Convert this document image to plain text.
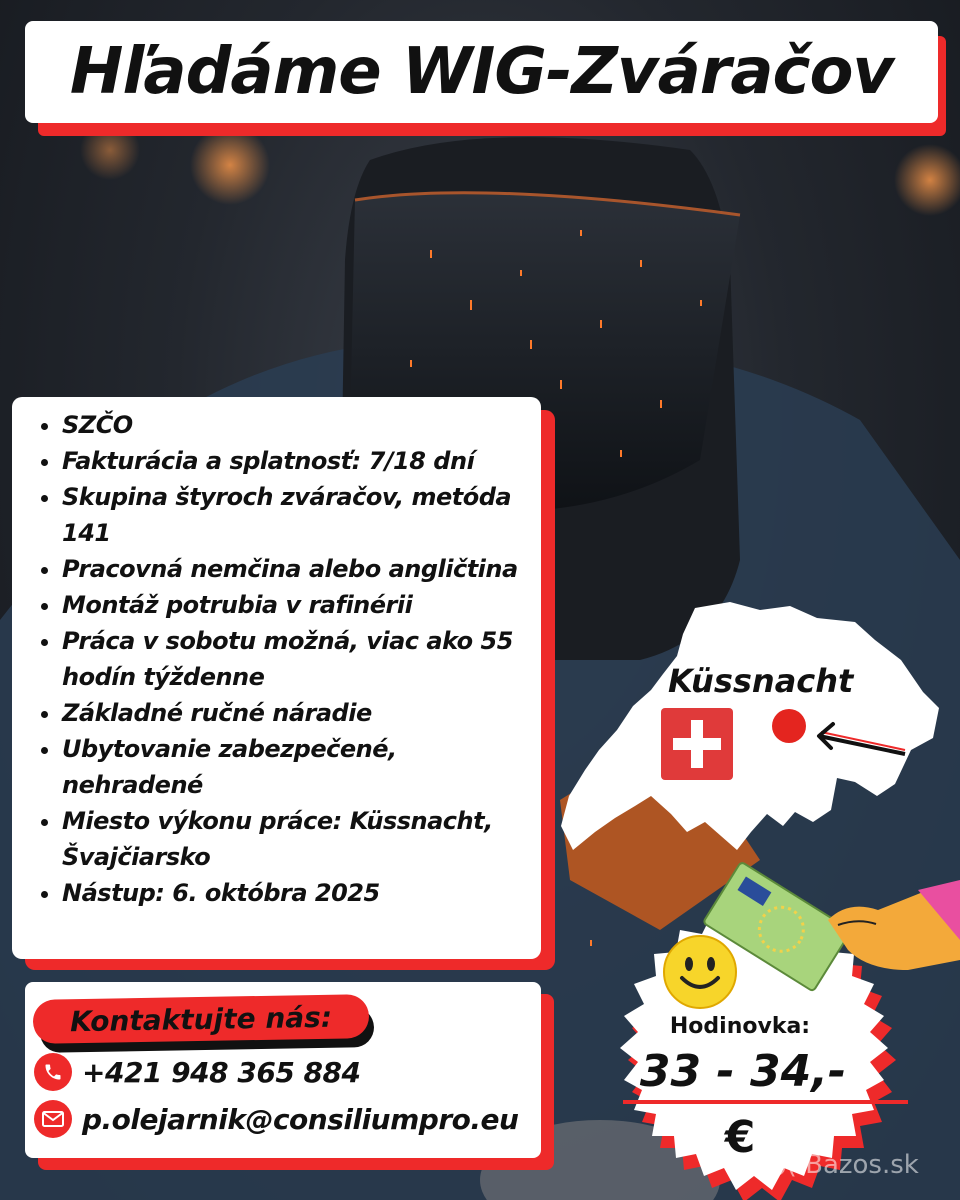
Hľadáme WIG-Zváračov
• SZČO
• Fakturácia a splatnosť: 7/18 dní
• Skupina štyroch zváračov, metóda 141
• Pracovná nemčina alebo angličtina
• Montáž potrubia v rafinérii
• Práca v sobotu možná, viac ako 55 hodín týždenne
• Základné ručné náradie
• Ubytovanie zabezpečené, nehradené
• Miesto výkonu práce: Küssnacht, Švajčiarsko
• Nástup: 6. októbra 2025
Kontaktujte nás:
+421 948 365 884
p.olejarnik@consiliumpro.eu
Küssnacht
Hodinovka:
33 - 34,-
€
◎( Bazos.sk
